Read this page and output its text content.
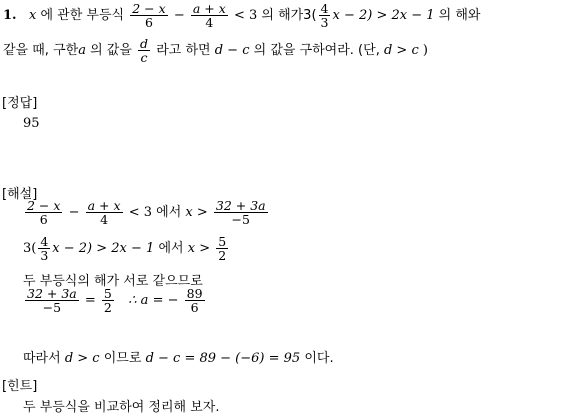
1. x 에 관한 부등식 $\frac{2 - x}{6} - \frac{a + x}{4} < 3$ 의 해가$3( \frac{4}{3}$ x − 2) > 2x − 1 의 해와
같을 때, 구한a 의 값을 $\frac{d}{c}$ 라고 하면 d − c 의 값을 구하여라. (단, d > c )
[정답]
95
[해설]
$\frac{2 - x}{6} - \frac{a + x}{4} < 3$ 에서 $x > \frac{32 + 3a}{-5}$
$3( \frac{4}{3}$ x − 2) > 2x − 1 에서 $x > \frac{5}{2}$
두 부등식의 해가 서로 같으므로
$\frac{32 + 3a}{-5} = \frac{5}{2}$ ∴ a = − $\frac{89}{6}$
따라서 d > c 이므로 d − c = 89 − (−6) = 95 이다.
[힌트]
두 부등식을 비교하여 정리해 보자.
